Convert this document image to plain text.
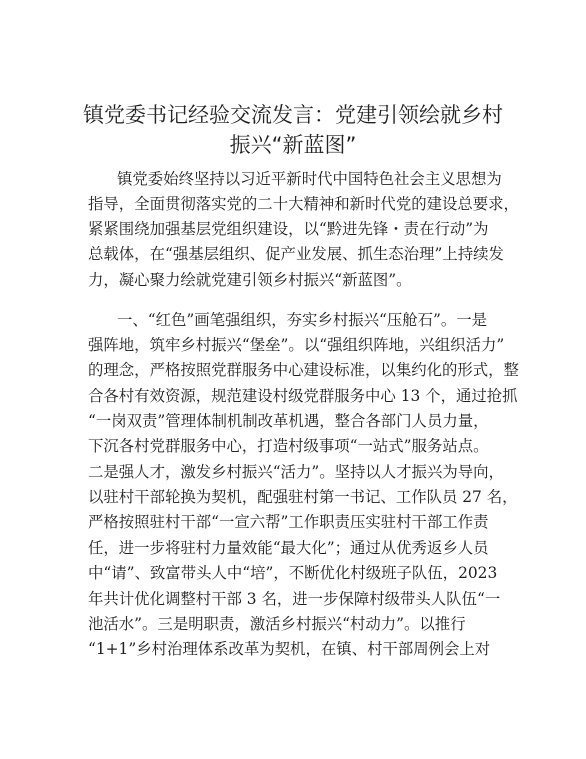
镇党委书记经验交流发言：党建引领绘就乡村
振兴“新蓝图”

镇党委始终坚持以习近平新时代中国特色社会主义思想为

指导，全面贯彻落实党的二十大精神和新时代党的建设总要求，

紧紧围绕加强基层党组织建设，以“黔进先锋・责在行动”为

总载体，在“强基层组织、促产业发展、抓生态治理”上持续发

力，凝心聚力绘就党建引领乡村振兴“新蓝图”。

一、“红色”画笔强组织，夯实乡村振兴“压舱石”。一是

强阵地，筑牢乡村振兴“堡垒”。以“强组织阵地，兴组织活力”

的理念，严格按照党群服务中心建设标准，以集约化的形式，整

合各村有效资源，规范建设村级党群服务中心 13 个，通过抢抓

“一岗双责”管理体制机制改革机遇，整合各部门人员力量，

下沉各村党群服务中心，打造村级事项“一站式”服务站点。

二是强人才，激发乡村振兴“活力”。坚持以人才振兴为导向，

以驻村干部轮换为契机，配强驻村第一书记、工作队员 27 名，

严格按照驻村干部“一宣六帮”工作职责压实驻村干部工作责

任，进一步将驻村力量效能“最大化”；通过从优秀返乡人员

中“请”、致富带头人中“培”，不断优化村级班子队伍，2023

年共计优化调整村干部 3 名，进一步保障村级带头人队伍“一

池活水”。三是明职责，激活乡村振兴“村动力”。以推行

“1+1”乡村治理体系改革为契机，在镇、村干部周例会上对
